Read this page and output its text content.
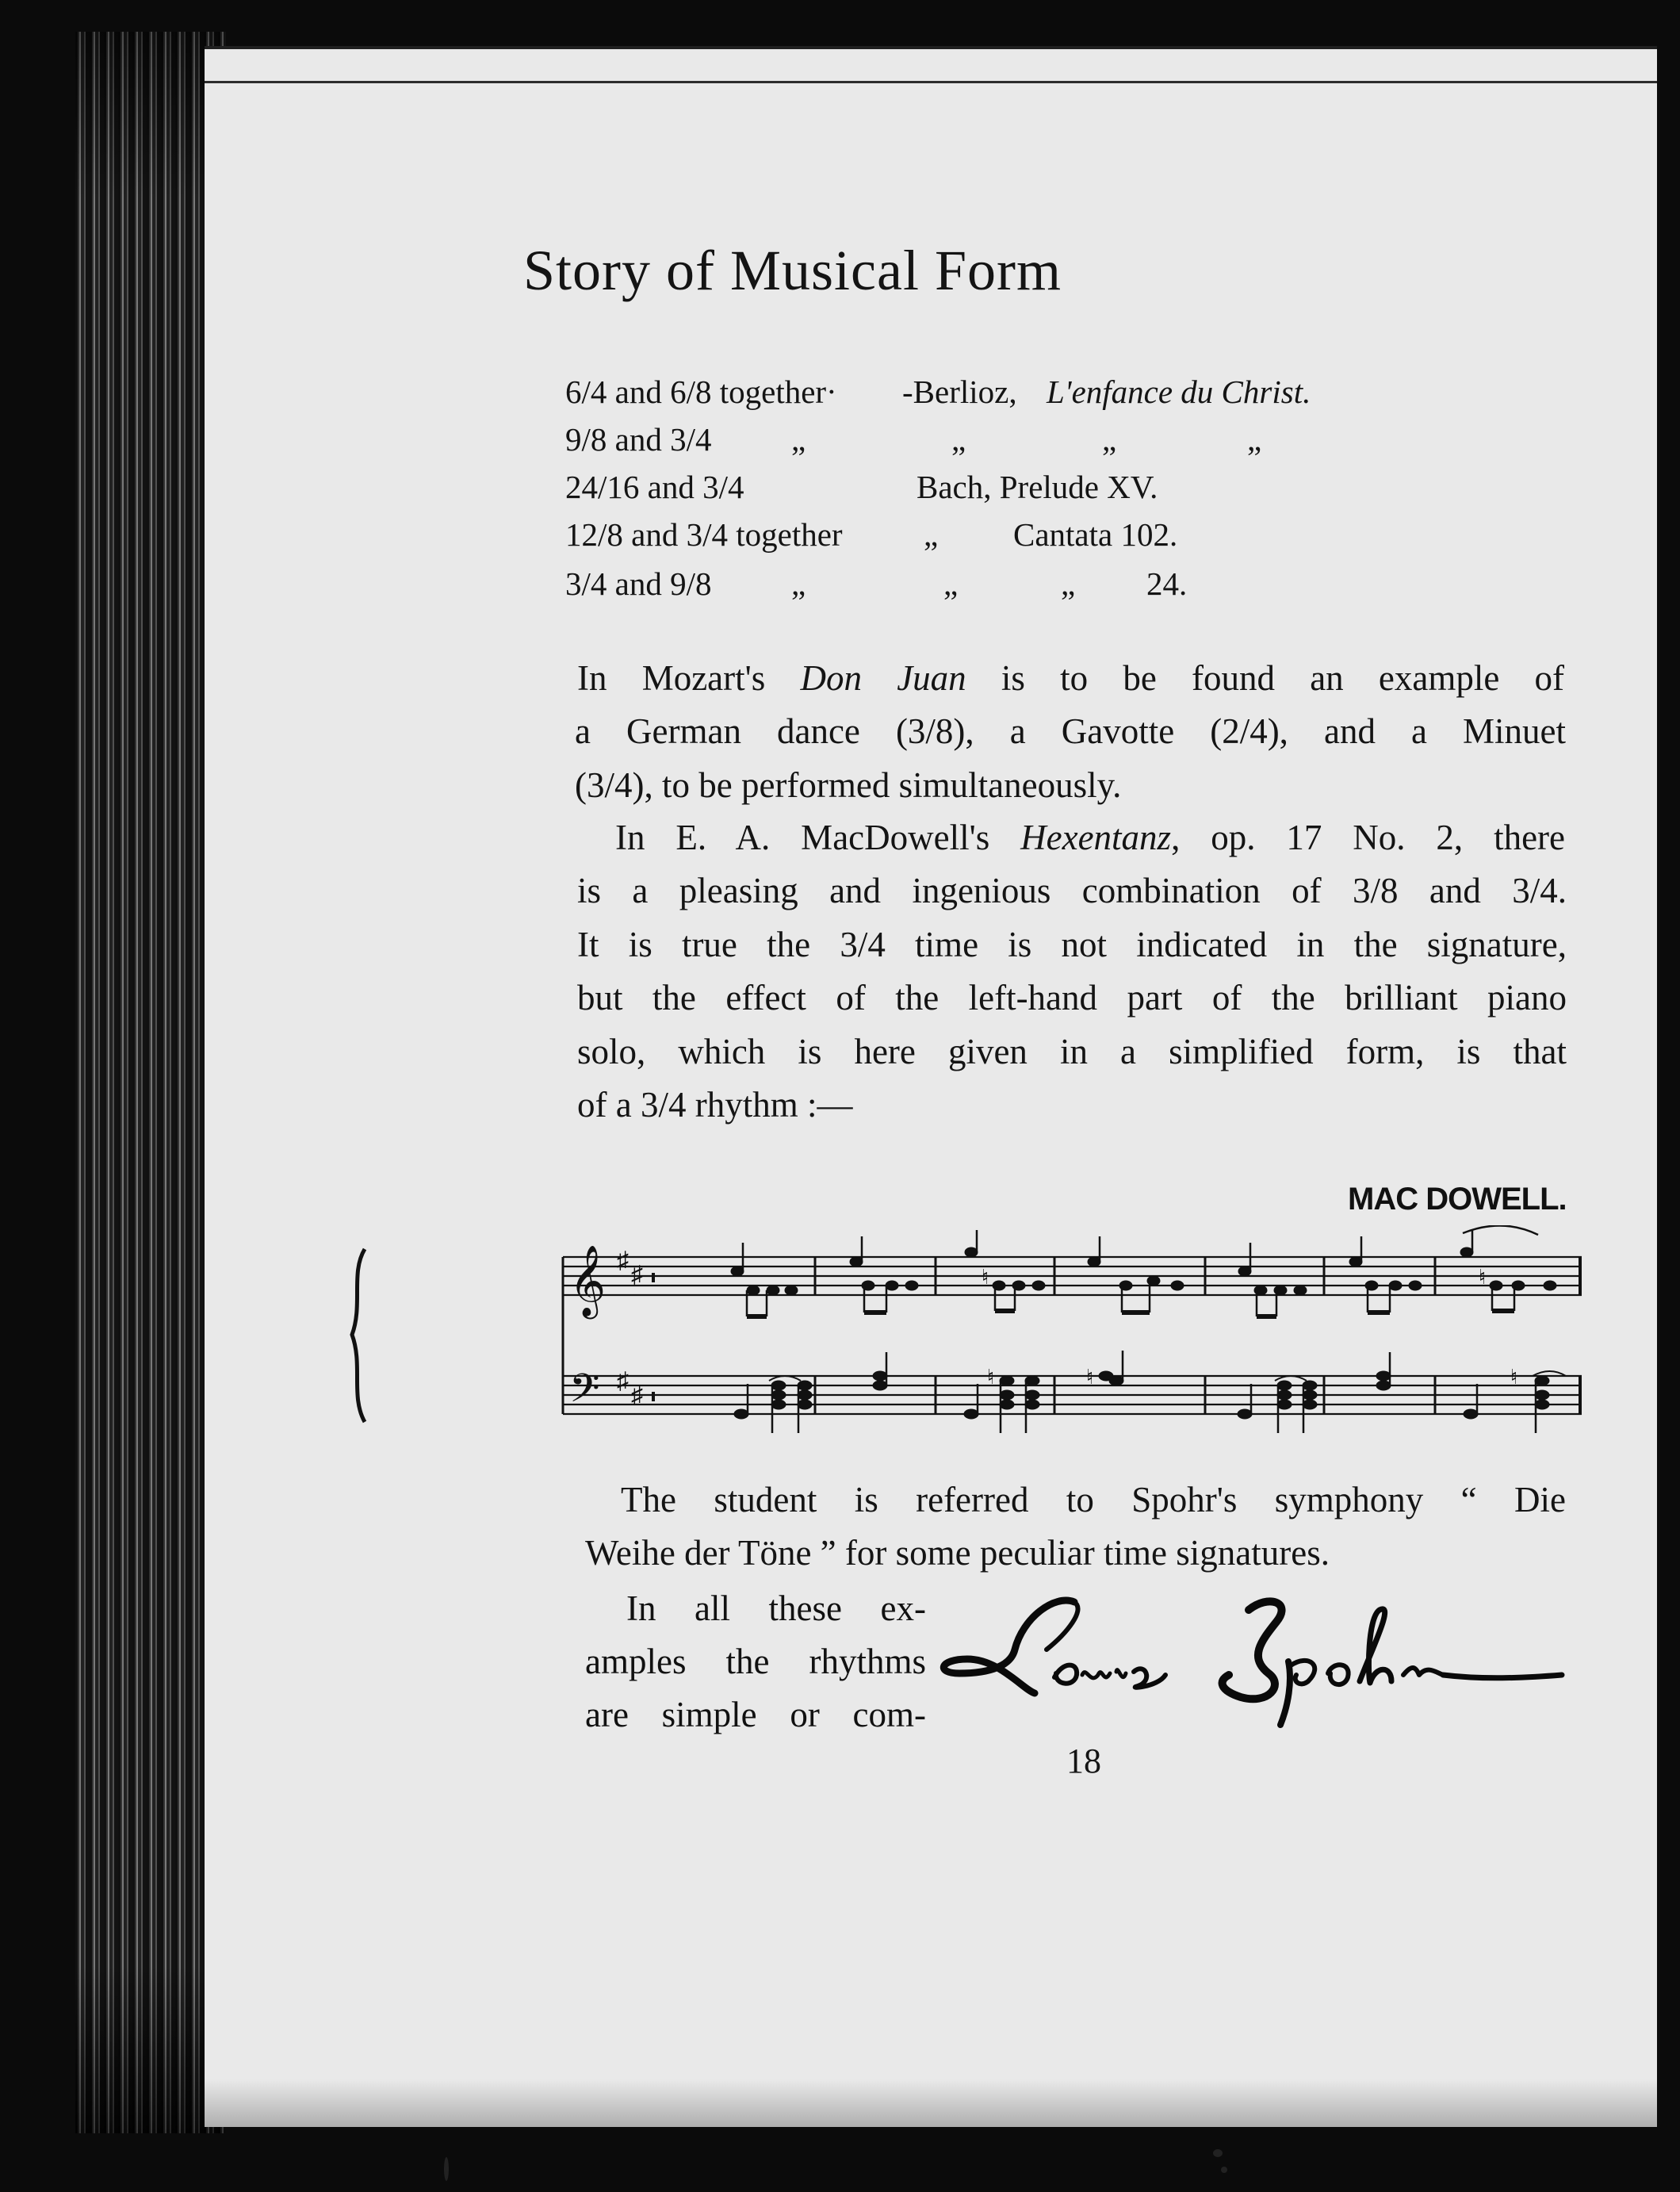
Story of Musical Form
6/4 and 6/8 together· -Berlioz, L'enfance du Christ.
9/8 and 3/4 „	„	„	„
24/16 and 3/4	Bach, Prelude XV.
12/8 and 3/4 together „ Cantata 102.
3/4 and 9/8 „	„	„ 24.
In Mozart's Don Juan is to be found an example of
a German dance (3/8), a Gavotte (2/4), and a Minuet
(3/4), to be performed simultaneously.
In E. A. MacDowell's Hexentanz, op. 17 No. 2, there
is a pleasing and ingenious combination of 3/8 and 3/4.
It is true the 3/4 time is not indicated in the signature,
but the effect of the left-hand part of the brilliant piano
solo, which is here given in a simplified form, is that
of a 3/4 rhythm :—
MAC DOWELL.
𝄞
𝄢
♯
♯
♯
♯
♮	♮
♮	♮	♮
The student is referred to Spohr's symphony “ Die
Weihe der Töne ” for some peculiar time signatures.
In all these ex-
amples the rhythms
are simple or com-
18
